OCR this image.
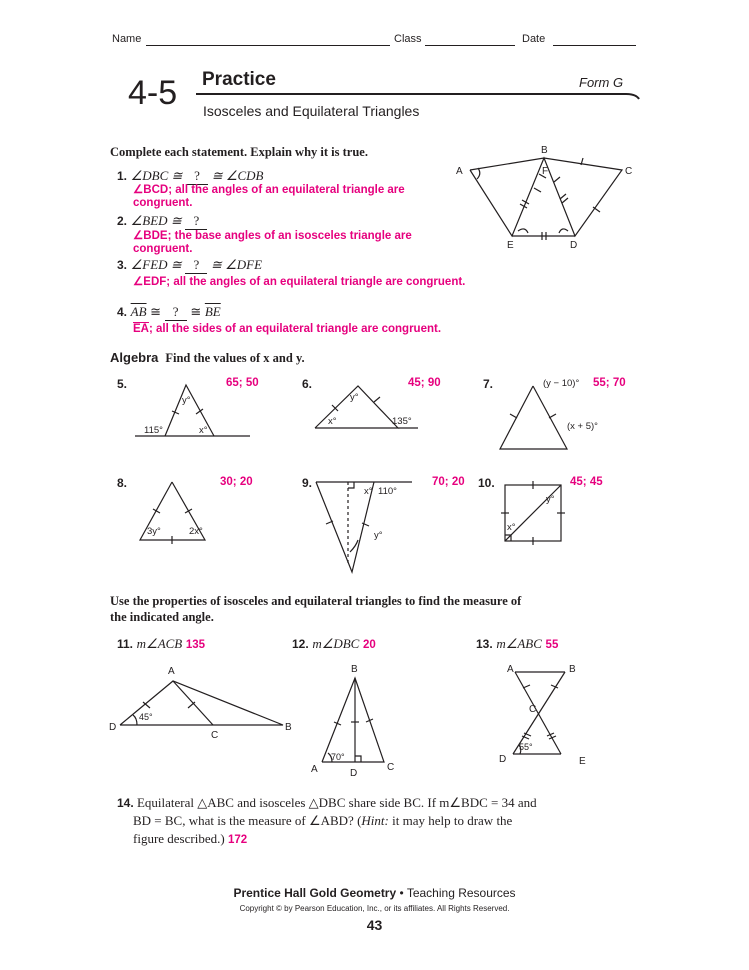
Name	Class	Date
4-5 Practice	Form G
Isosceles and Equilateral Triangles
Complete each statement. Explain why it is true.
1. ∠DBC ≅ ? ≅ ∠CDB
∠BCD; all the angles of an equilateral triangle are congruent.
2. ∠BED ≅ ?
∠BDE; the base angles of an isosceles triangle are congruent.
3. ∠FED ≅ ? ≅ ∠DFE
∠EDF; all the angles of an equilateral triangle are congruent.
4. $\overline{AB}$ ≅ ? ≅ $\overline{BE}$
$\overline{EA}$; all the sides of an equilateral triangle are congruent.
A
B
C
D
E
F
Algebra Find the values of x and y.
5.	65; 50
y°
115°	x°
6.	45; 90
y°
x°	135°
7.	55; 70
(y − 10)°
(x + 5)°
8.	30; 20
3y°	2x°
9.	70; 20
x° 110°
y°
10.	45; 45
y°
x°
Use the properties of isosceles and equilateral triangles to find the measure of
the indicated angle.
11. m∠ACB 135
A
D
45°
C
B
12. m∠DBC 20
B
A
70°
D
C
13. m∠ABC 55
A	B
C
D
55°
E
14. Equilateral △ABC and isosceles △DBC share side BC. If m∠BDC = 34 and
BD = BC, what is the measure of ∠ABD? (Hint: it may help to draw the
figure described.) 172
Prentice Hall Gold Geometry • Teaching Resources
Copyright © by Pearson Education, Inc., or its affiliates. All Rights Reserved.
43
